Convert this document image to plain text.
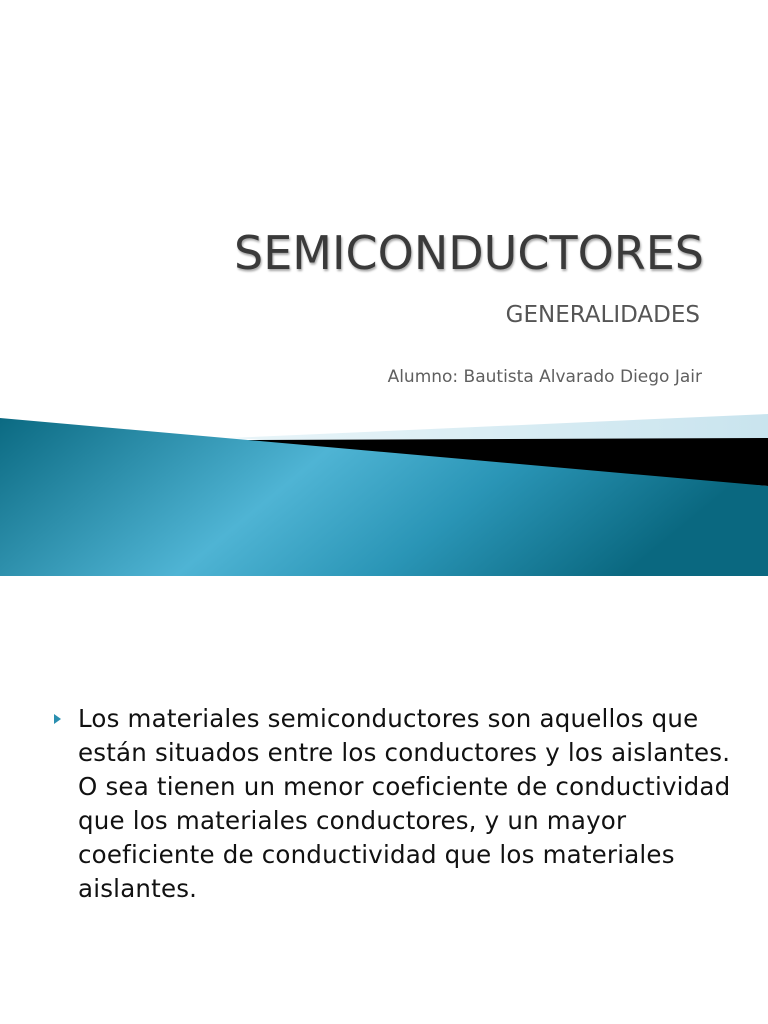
SEMICONDUCTORES
GENERALIDADES
Alumno: Bautista Alvarado Diego Jair
Los materiales semiconductores son aquellos que están situados entre los conductores y los aislantes. O sea tienen un menor coeficiente de conductividad que los materiales conductores, y un mayor coeficiente de conductividad que los materiales aislantes.
